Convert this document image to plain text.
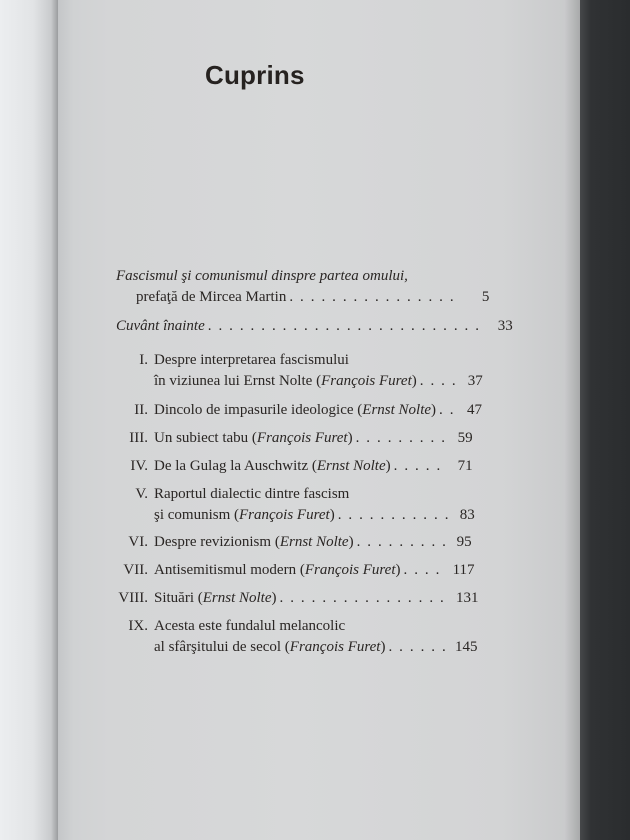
Cuprins
Fascismul şi comunismul dinspre partea omului,
prefaţă de Mircea Martin . . .	5
Cuvânt înainte . . .	33
I. Despre interpretarea fascismului
în viziunea lui Ernst Nolte ( François Furet ) . . .	37
II. Dincolo de impasurile ideologice ( Ernst Nolte ) . . .	47
III. Un subiect tabu ( François Furet ) . . .	59
IV. De la Gulag la Auschwitz ( Ernst Nolte ) . . .	71
V. Raportul dialectic dintre fascism
şi comunism ( François Furet ) . . .	83
VI. Despre revizionism ( Ernst Nolte ) . . .	95
VII. Antisemitismul modern ( François Furet ) . . .	117
VIII. Situări ( Ernst Nolte ) . . .	131
IX. Acesta este fundalul melancolic
al sfârşitului de secol ( François Furet ) . . .	145
